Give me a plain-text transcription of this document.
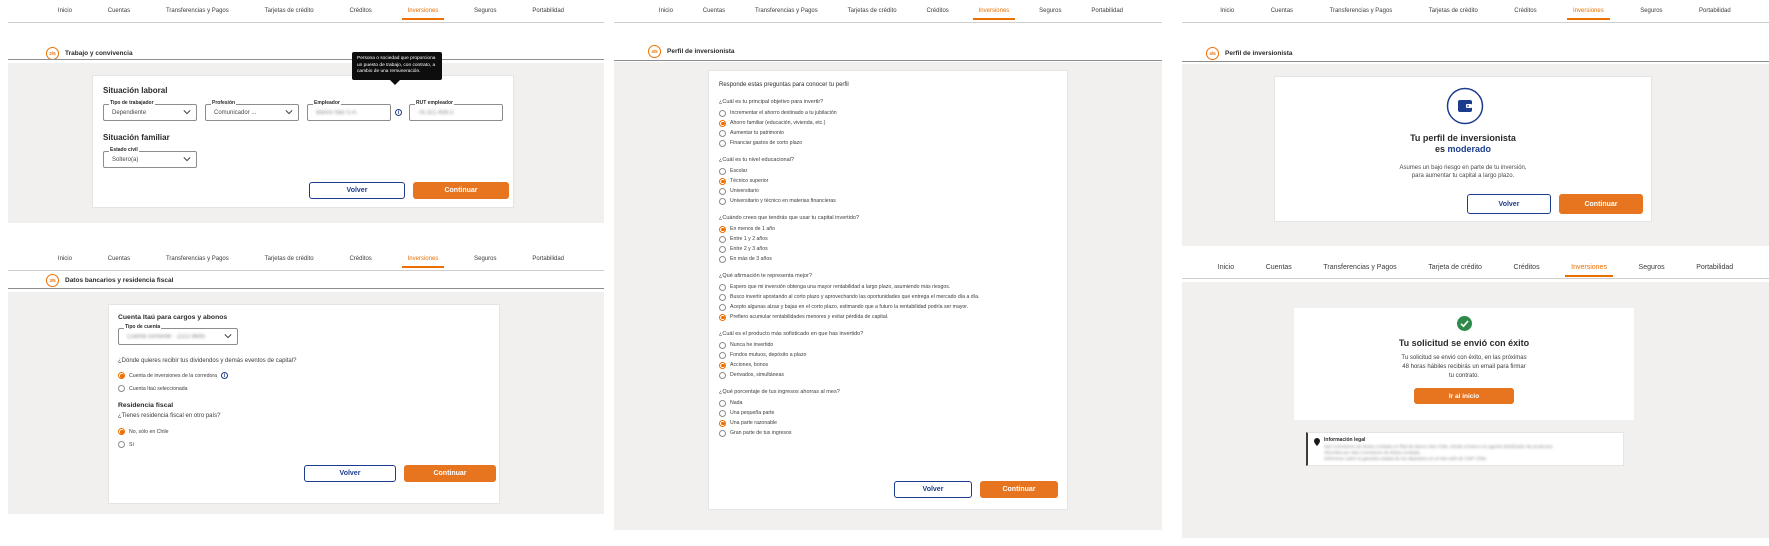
Inicio	Cuentas	Transferencias y Pagos	Tarjetas de crédito	Créditos	Inversiones	Seguros	Portabilidad
2/5	Trabajo y convivencia
Situación laboral
Tipo de trabajador
Dependiente
Profesión
Comunicador ...
Empleador
Banco Itaú S.A.	i
RUT empleador
76.321.456-3
Situación familiar
Estado civil
Soltero(a)
Volver	Continuar
Persona o sociedad que proporciona un puesto de trabajo, con contrato, a cambio de una remuneración.
Inicio	Cuentas	Transferencias y Pagos	Tarjetas de crédito	Créditos	Inversiones	Seguros	Portabilidad
3/5	Datos bancarios y residencia fiscal
Cuenta Itaú para cargos y abonos
Tipo de cuenta
Cuenta corriente · 2222 8695
¿Dónde quieres recibir tus dividendos y demás eventos de capital?
Cuenta de inversiones de la corredora	i
Cuenta Itaú seleccionada
Residencia fiscal
¿Tienes residencia fiscal en otro país?
No, sólo en Chile
Sí
Volver	Continuar
Inicio	Cuentas	Transferencias y Pagos	Tarjetas de crédito	Créditos	Inversiones	Seguros	Portabilidad
4/5	Perfil de inversionista
Responde estas preguntas para conocer tu perfil
¿Cuál es tu principal objetivo para invertir?
Incrementar el ahorro destinado a tu jubilación
Ahorro familiar (educación, vivienda, etc.)
Aumentar tu patrimonio
Financiar gastos de corto plazo
¿Cuál es tu nivel educacional?
Escolar
Técnico superior
Universitario
Universitario y técnico en materias financieras
¿Cuándo crees que tendrás que usar tu capital invertido?
En menos de 1 año
Entre 1 y 2 años
Entre 2 y 3 años
En más de 3 años
¿Qué afirmación te representa mejor?
Espero que mi inversión obtenga una mayor rentabilidad a largo plazo, asumiendo más riesgos.
Busco invertir apostando al corto plazo y aprovechando las oportunidades que entrega el mercado día a día.
Acepto algunas alzas y bajas en el corto plazo, estimando que a futuro la rentabilidad podría ser mayor.
Prefiero acumular rentabilidades menores y evitar pérdida de capital.
¿Cuál es el producto más sofisticado en que has invertido?
Nunca he invertido
Fondos mutuos, depósito a plazo
Acciones, bonos
Derivados, simultáneas
¿Qué porcentaje de tus ingresos ahorras al mes?
Nada
Una pequeña parte
Una parte razonable
Gran parte de tus ingresos
Volver	Continuar
Inicio	Cuentas	Transferencias y Pagos	Tarjetas de crédito	Créditos	Inversiones	Seguros	Portabilidad
4/5	Perfil de inversionista
Tu perfil de inversionista
es moderado
Asumes un bajo riesgo en parte de tu inversión,
para aumentar tu capital a largo plazo.
Volver	Continuar
Inicio	Cuentas	Transferencias y Pagos	Tarjeta de crédito	Créditos	Inversiones	Seguros	Portabilidad
Tu solicitud se envió con éxito
Tu solicitud se envió con éxito, en las próximas
48 horas hábiles recibirás un email para firmar
tu contrato.
Ir al inicio
Información legal
Itaú Corredores de Bolsa Limitada es filial de Banco Itaú Chile, donde el banco es agente distribuidor de productos
ofrecidos por Itaú Corredores de Bolsa Limitada.
Infórmese sobre la garantía estatal de los depósitos en el sitio web de CMF Chile.
